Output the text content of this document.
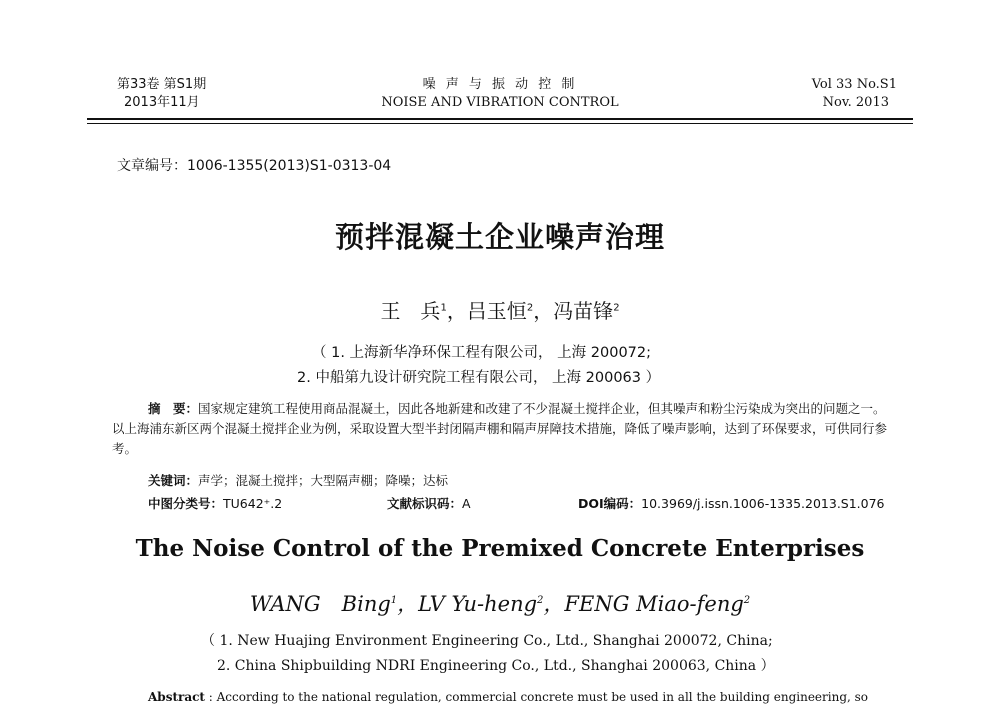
第33卷 第S1期
2013年11月
噪 声 与 振 动 控 制
NOISE AND VIBRATION CONTROL
Vol 33 No.S1
Nov. 2013
文章编号：1006-1355(2013)S1-0313-04
预拌混凝土企业噪声治理
王　兵$^1$，吕玉恒$^2$，冯苗锋$^2$
（ 1. 上海新华净环保工程有限公司， 上海 200072;
2. 中船第九设计研究院工程有限公司， 上海 200063 ）
摘　要：国家规定建筑工程使用商品混凝土，因此各地新建和改建了不少混凝土搅拌企业，但其噪声和粉尘污染成为突出的问题之一。以上海浦东新区两个混凝土搅拌企业为例，采取设置大型半封闭隔声棚和隔声屏障技术措施，降低了噪声影响，达到了环保要求，可供同行参考。
关键词：声学；混凝土搅拌；大型隔声棚；降噪；达标
中图分类号：TU642⁺.2	文献标识码：A	DOI编码：10.3969/j.issn.1006-1335.2013.S1.076
The Noise Control of the Premixed Concrete Enterprises
WANG　Bing$^1$，LV Yu-heng$^2$，FENG Miao-feng$^2$
（ 1. New Huajing Environment Engineering Co., Ltd., Shanghai 200072, China;
2. China Shipbuilding NDRI Engineering Co., Ltd., Shanghai 200063, China ）
Abstract : According to the national regulation, commercial concrete must be used in all the building engineering, so
